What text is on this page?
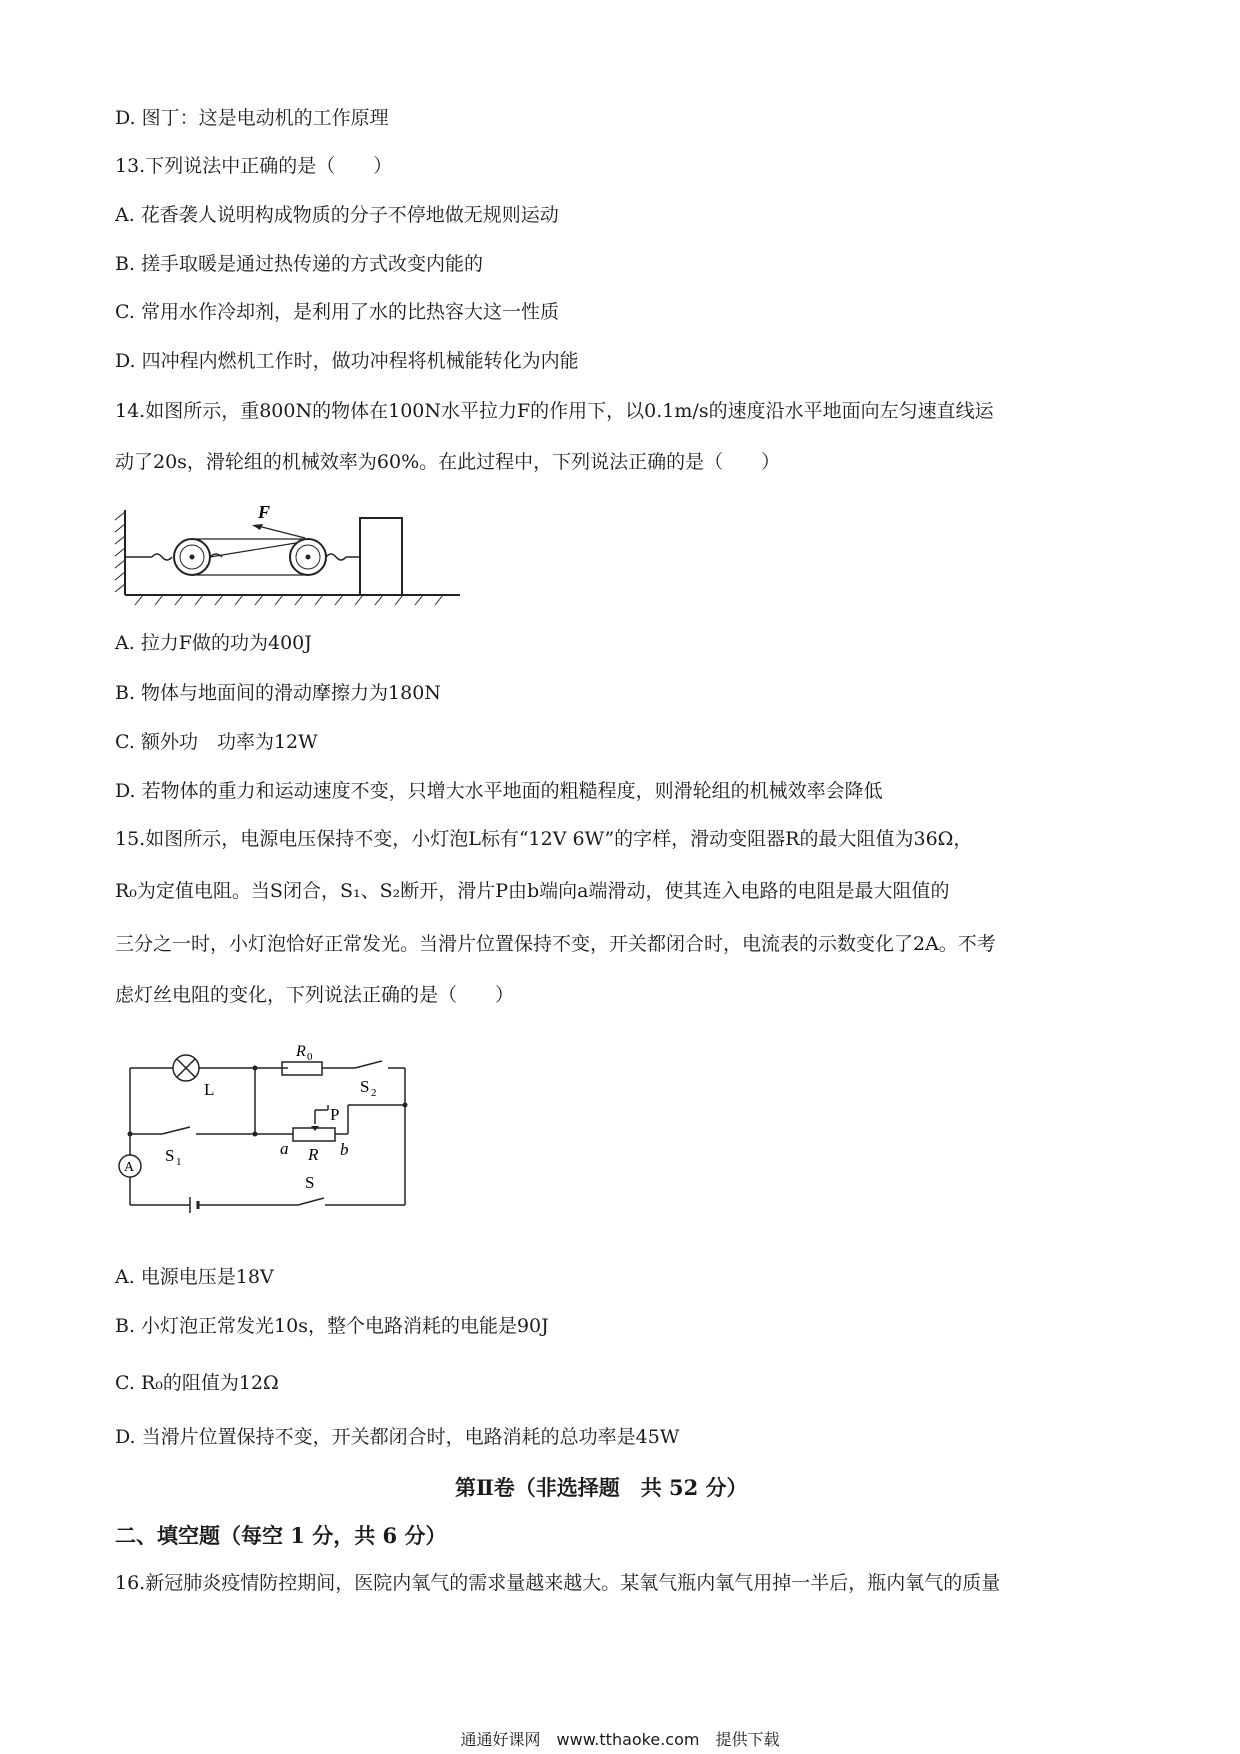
D. 图丁：这是电动机的工作原理
13.下列说法中正确的是（　　）
A. 花香袭人说明构成物质的分子不停地做无规则运动
B. 搓手取暖是通过热传递的方式改变内能的
C. 常用水作冷却剂，是利用了水的比热容大这一性质
D. 四冲程内燃机工作时，做功冲程将机械能转化为内能
14.如图所示，重800N的物体在100N水平拉力F的作用下，以0.1m/s的速度沿水平地面向左匀速直线运
动了20s，滑轮组的机械效率为60%。在此过程中，下列说法正确的是（　　）
F
A. 拉力F做的功为400J
B. 物体与地面间的滑动摩擦力为180N
C. 额外功　功率为12W
D. 若物体的重力和运动速度不变，只增大水平地面的粗糙程度，则滑轮组的机械效率会降低
15.如图所示，电源电压保持不变，小灯泡L标有“12V 6W”的字样，滑动变阻器R的最大阻值为36Ω，
R₀为定值电阻。当S闭合，S₁、S₂断开，滑片P由b端向a端滑动，使其连入电路的电阻是最大阻值的
三分之一时，小灯泡恰好正常发光。当滑片位置保持不变，开关都闭合时，电流表的示数变化了2A。不考
虑灯丝电阻的变化，下列说法正确的是（　　）
R 0
L	S 2
P
S 1
a R b
A
S
A. 电源电压是18V
B. 小灯泡正常发光10s，整个电路消耗的电能是90J
C. R₀的阻值为12Ω
D. 当滑片位置保持不变，开关都闭合时，电路消耗的总功率是45W
第Ⅱ卷（非选择题　共 52 分）
二、填空题（每空 1 分，共 6 分）
16.新冠肺炎疫情防控期间，医院内氧气的需求量越来越大。某氧气瓶内氧气用掉一半后，瓶内氧气的质量
通通好课网　www.tthaoke.com　提供下载
